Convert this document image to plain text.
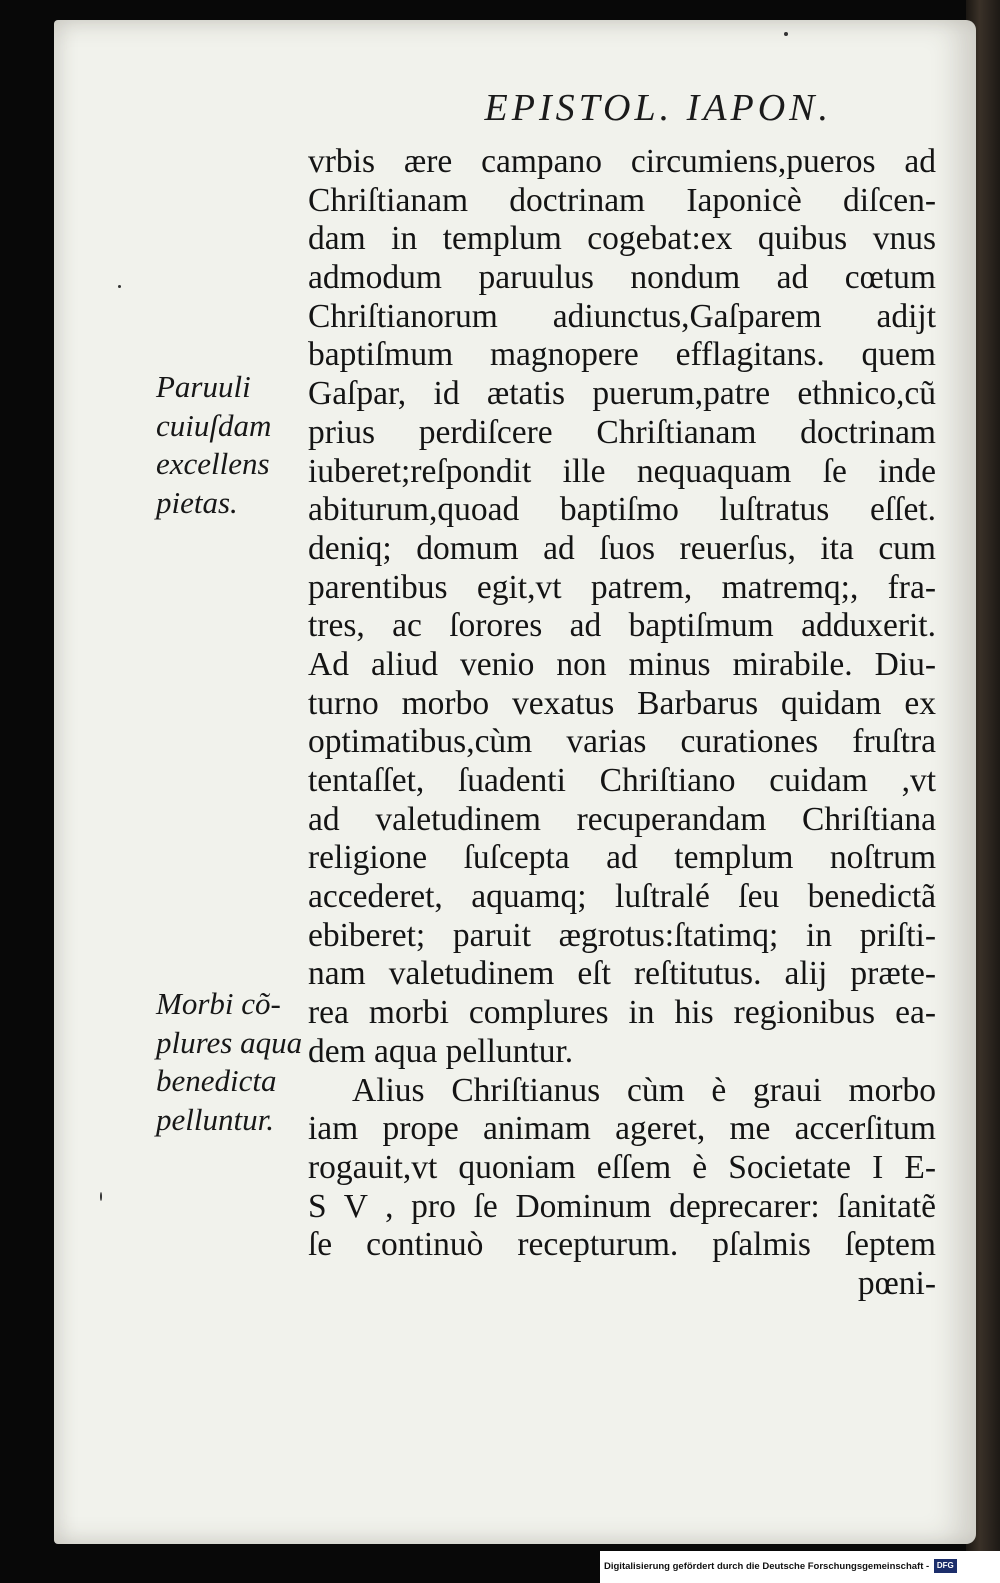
EPISTOL. IAPON.
Paruuli
cuiuſdam
excellens
pietas.
Morbi cõ-
plures aqua
benedicta
pelluntur.
vrbis ære campano circumiens,pueros ad
Chriſtianam doctrinam Iaponicè diſcen-
dam in templum cogebat:ex quibus vnus
admodum paruulus nondum ad cœtum
Chriſtianorum adiunctus,Gaſparem adijt
baptiſmum magnopere efflagitans. quem
Gaſpar, id ætatis puerum,patre ethnico,cũ
prius perdiſcere Chriſtianam doctrinam
iuberet;reſpondit ille nequaquam ſe inde
abiturum,quoad baptiſmo luſtratus eſſet.
deniq; domum ad ſuos reuerſus, ita cum
parentibus egit,vt patrem, matremq;, fra-
tres, ac ſorores ad baptiſmum adduxerit.
Ad aliud venio non minus mirabile. Diu-
turno morbo vexatus Barbarus quidam ex
optimatibus,cùm varias curationes fruſtra
tentaſſet, ſuadenti Chriſtiano cuidam ,vt
ad valetudinem recuperandam Chriſtiana
religione ſuſcepta ad templum noſtrum
accederet, aquamq; luſtralé ſeu benedictã
ebiberet; paruit ægrotus:ſtatimq; in priſti-
nam valetudinem eſt reſtitutus. alij præte-
rea morbi complures in his regionibus ea-
dem aqua pelluntur.
Alius Chriſtianus cùm è graui morbo
iam prope animam ageret, me accerſitum
rogauit,vt quoniam eſſem è Societate I E-
S V , pro ſe Dominum deprecarer: ſanitatẽ
ſe continuò recepturum. pſalmis ſeptem
pœni-
Digitalisierung gefördert durch die Deutsche Forschungsgemeinschaft - DFG
